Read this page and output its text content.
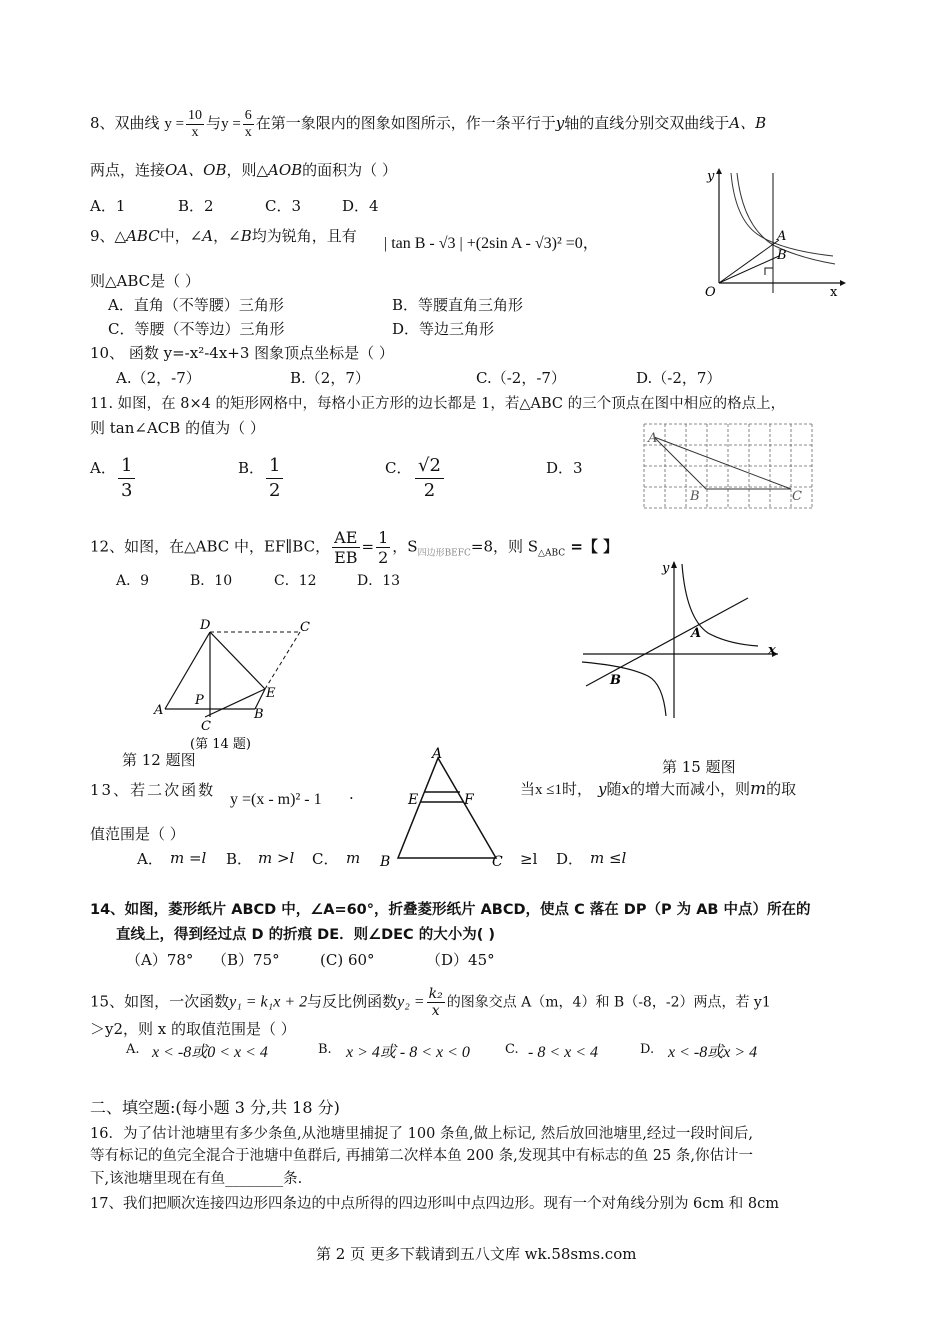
8、双曲线 $y = \frac{10}{x}$ 与$y = \frac{6}{x}$ 在第一象限内的图象如图所示，作一条平行于y轴的直线分别交双曲线于A、B
两点，连接OA、OB，则△AOB的面积为（ ）
A．1	B．2	C．3	D．4
y
x
O
A
B
9、△ABC中，∠A，∠B均为锐角，且有 | tan B - √3 | +(2sin A - √3)² =0，
则△ABC是（ ）
A．直角（不等腰）三角形	B．等腰直角三角形
C．等腰（不等边）三角形	D．等边三角形
10、 函数 y=-x²-4x+3 图象顶点坐标是（ ）
A.（2，-7）	B.（2，7）	C.（-2，-7）	D.（-2，7）
11. 如图，在 8×4 的矩形网格中，每格小正方形的边长都是 1，若△ABC 的三个顶点在图中相应的格点上，
则 tan∠ACB 的值为（ ）
A． $\frac{1}{3}$	B． $\frac{1}{2}$	C． $\frac{√2}{2}$	D．3
A
B	C
12、如图，在△ABC 中，EF∥BC， $\frac{AE}{EB} = \frac{1}{2}$ ，$S_{四边形BEFC}=8$，则 $S_{\triangle ABC}$ =【 】
A．9	B．10	C．12	D．13
D	C
A
P	E
B
C
(第 14 题)
第 12 题图
y
x
A
B
第 15 题图
A
E	F
B	C
13、若二次函数
y =(x - m)² - 1 ·	当x ≤1时， y随x的增大而减小，则m的取
值范围是（ ）
A． m =l B． m >l C． m	≥l D． m ≤l
14、如图，菱形纸片 ABCD 中，∠A=60°，折叠菱形纸片 ABCD，使点 C 落在 DP（P 为 AB 中点）所在的
直线上，得到经过点 D 的折痕 DE．则∠DEC 的大小为( )
（A）78° （B）75°	(C) 60°	（D）45°
15、如图，一次函数y₁ = k₁x + 2与反比例函数$y_2 = \frac{\text{k₂}}{x}$ 的图象交点 A（m，4）和 B（-8，-2）两点，若 y1
＞y2，则 x 的取值范围是（ ）
A. x < -8或0 < x < 4	B. x > 4或 - 8 < x < 0	C. - 8 < x < 4	D. x < -8或x > 4
二、填空题:(每小题 3 分,共 18 分)
16．为了估计池塘里有多少条鱼,从池塘里捕捉了 100 条鱼,做上标记, 然后放回池塘里,经过一段时间后,
等有标记的鱼完全混合于池塘中鱼群后, 再捕第二次样本鱼 200 条,发现其中有标志的鱼 25 条,你估计一
下,该池塘里现在有鱼________条.
17、我们把顺次连接四边形四条边的中点所得的四边形叫中点四边形。现有一个对角线分别为 6cm 和 8cm
第 2 页 更多下载请到五八文库 wk.58sms.com
